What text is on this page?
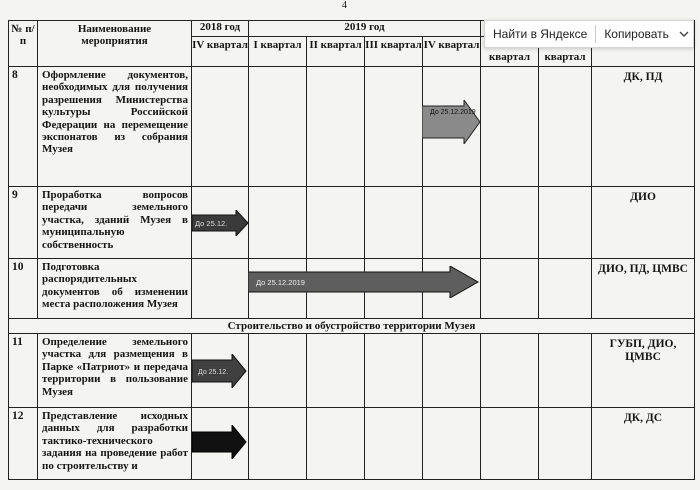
4
№ п/п	Наименование мероприятия	2018 год	2019 год						
		IV квартал	I квартал	II квартал	III квартал	IV квартал	квартал	квартал	
8	Оформление документов, необходимых для получения разрешения Министерства культуры Российской Федерации на перемещение экспонатов из собрания Музея								ДК, ПД
9	Проработка вопросов передачи земельного участка, зданий Музея в муниципальную собственность								ДИО
10	Подготовка распорядительных документов об изменении места расположения Музея								ДИО, ПД, ЦМВС
Строительство и обустройство территории Музея									
11	Определение земельного участка для размещения в Парке «Патриот» и передача территории в пользование Музея								ГУБП, ДИО, ЦМВС
12	Представление исходных данных для разработки тактико-технического задания на проведение работ по строительству и								ДК, ДС
До 25.12.2019
До 25.12.
До 25.12.2019
До 25.12.
Найти в Яндексе	Копировать
